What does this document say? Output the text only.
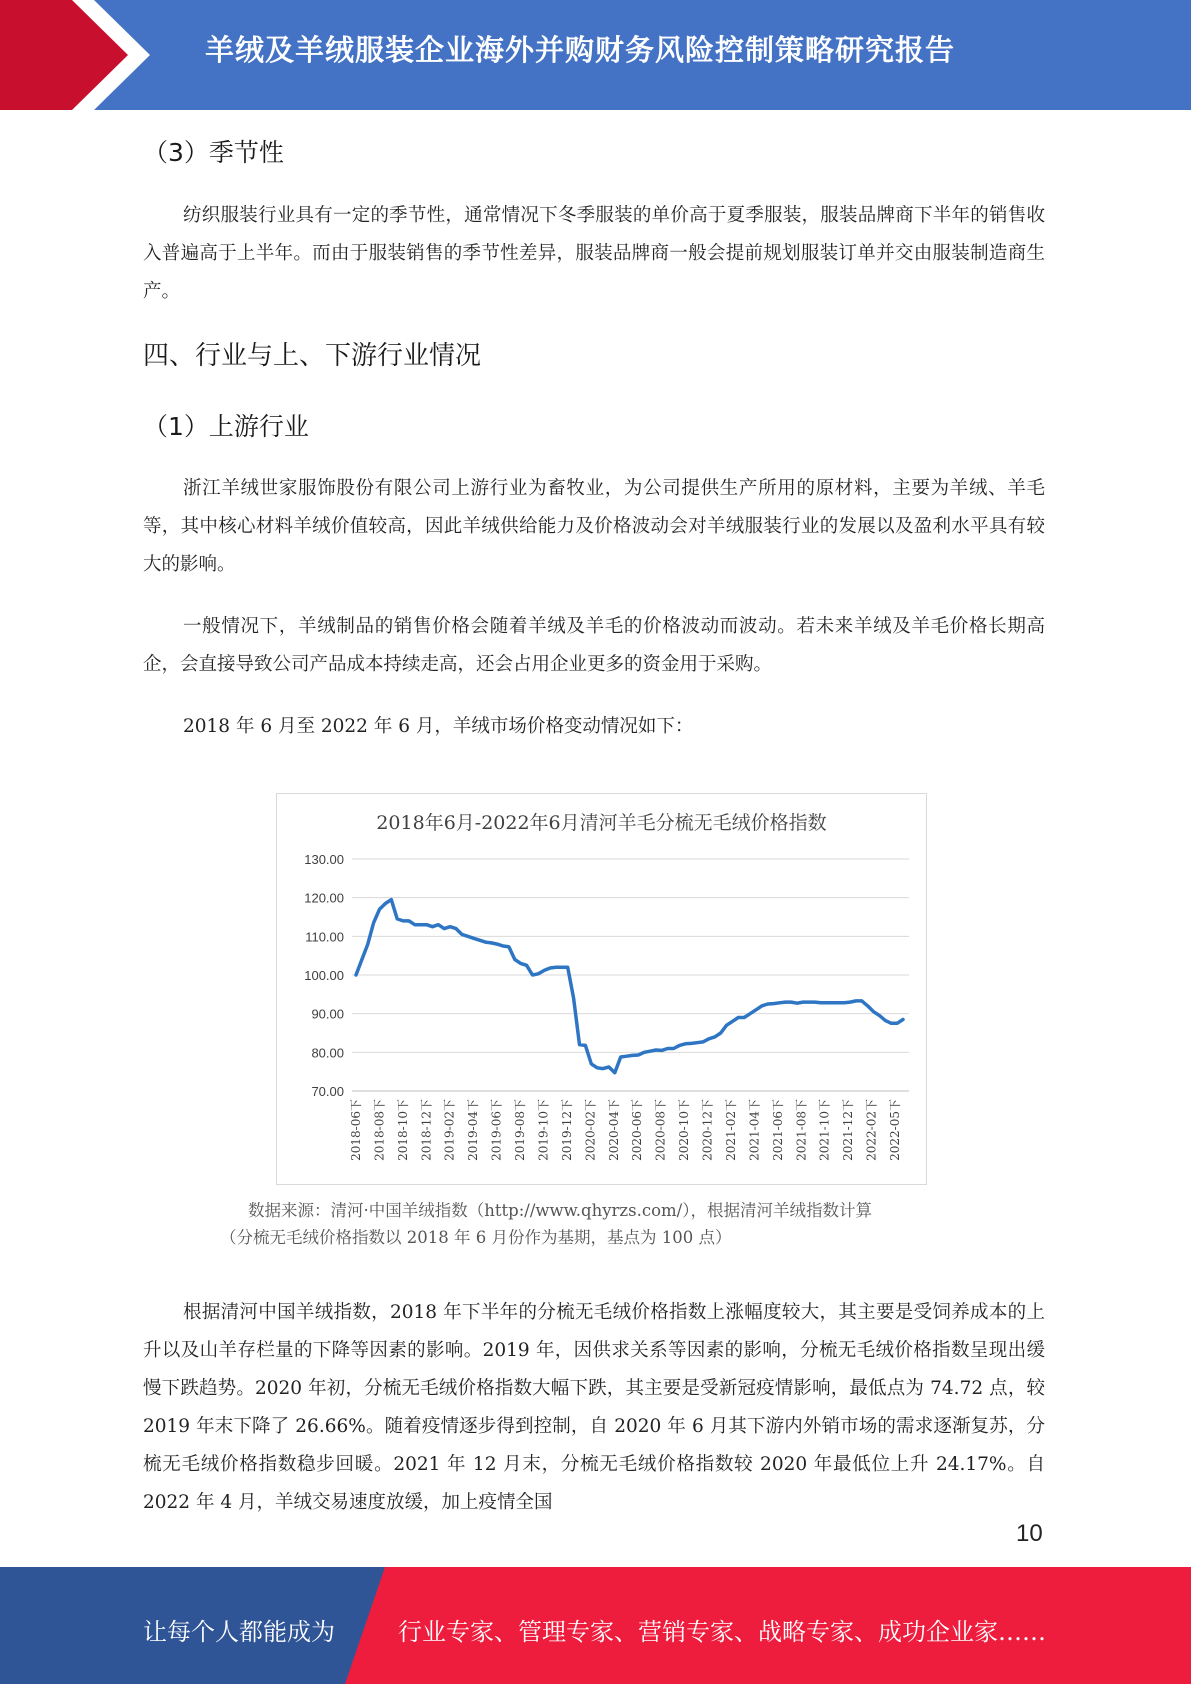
羊绒及羊绒服装企业海外并购财务风险控制策略研究报告
（3）季节性

纺织服装行业具有一定的季节性，通常情况下冬季服装的单价高于夏季服装，服装品牌商下半年的销售收入普遍高于上半年。而由于服装销售的季节性差异，服装品牌商一般会提前规划服装订单并交由服装制造商生产。

四、行业与上、下游行业情况
（1）上游行业

浙江羊绒世家服饰股份有限公司上游行业为畜牧业，为公司提供生产所用的原材料，主要为羊绒、羊毛等，其中核心材料羊绒价值较高，因此羊绒供给能力及价格波动会对羊绒服装行业的发展以及盈利水平具有较大的影响。

一般情况下，羊绒制品的销售价格会随着羊绒及羊毛的价格波动而波动。若未来羊绒及羊毛价格长期高企，会直接导致公司产品成本持续走高，还会占用企业更多的资金用于采购。

2018 年 6 月至 2022 年 6 月，羊绒市场价格变动情况如下：

2018年6月-2022年6月清河羊毛分梳无毛绒价格指数
130.00
120.00
110.00
100.00
90.00
80.00
70.00
2018-06下 2018-08下 2018-10下 2018-12下 2019-02下 2019-04下 2019-06下 2019-08下 2019-10下 2019-12下 2020-02下 2020-04下 2020-06下 2020-08下 2020-10下 2020-12下 2021-02下 2021-04下 2021-06下 2021-08下 2021-10下 2021-12下 2022-02下 2022-05下
数据来源：清河·中国羊绒指数（http://www.qhyrzs.com/），根据清河羊绒指数计算
（分梳无毛绒价格指数以 2018 年 6 月份作为基期，基点为 100 点）

根据清河中国羊绒指数，2018 年下半年的分梳无毛绒价格指数上涨幅度较大，其主要是受饲养成本的上升以及山羊存栏量的下降等因素的影响。2019 年，因供求关系等因素的影响，分梳无毛绒价格指数呈现出缓慢下跌趋势。2020 年初，分梳无毛绒价格指数大幅下跌，其主要是受新冠疫情影响，最低点为 74.72 点，较 2019 年末下降了 26.66%。随着疫情逐步得到控制，自 2020 年 6 月其下游内外销市场的需求逐渐复苏，分梳无毛绒价格指数稳步回暖。2021 年 12 月末，分梳无毛绒价格指数较 2020 年最低位上升 24.17%。自 2022 年 4 月，羊绒交易速度放缓，加上疫情全国

10
让每个人都能成为	行业专家、管理专家、营销专家、战略专家、成功企业家……
